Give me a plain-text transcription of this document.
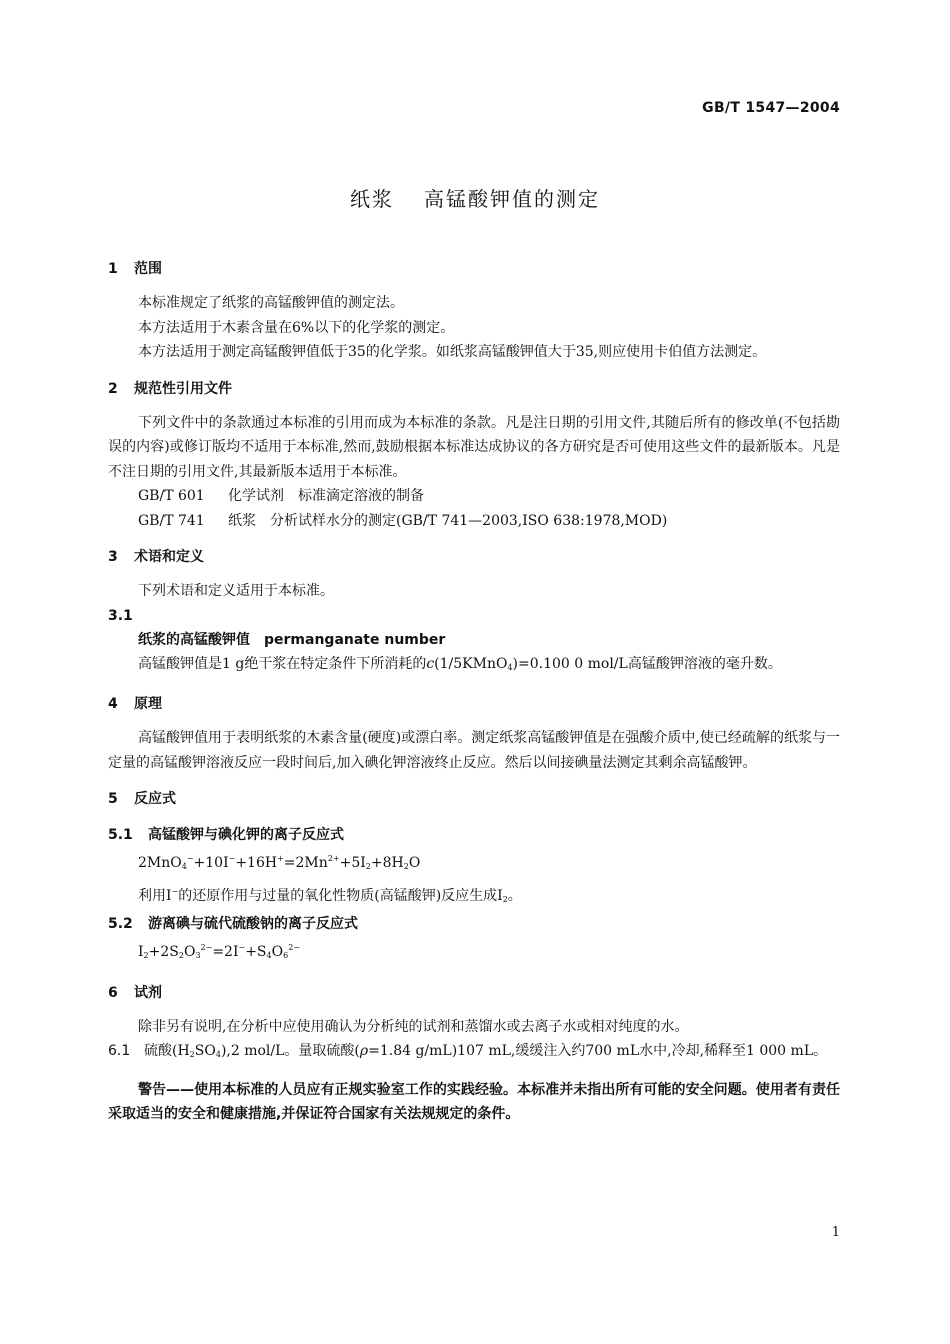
GB/T 1547—2004
纸浆 高锰酸钾值的测定
1 范围

本标准规定了纸浆的高锰酸钾值的测定法。

本方法适用于木素含量在6%以下的化学浆的测定。

本方法适用于测定高锰酸钾值低于35的化学浆。如纸浆高锰酸钾值大于35,则应使用卡伯值方法测定。

2 规范性引用文件

下列文件中的条款通过本标准的引用而成为本标准的条款。凡是注日期的引用文件,其随后所有的修改单(不包括勘误的内容)或修订版均不适用于本标准,然而,鼓励根据本标准达成协议的各方研究是否可使用这些文件的最新版本。凡是不注日期的引用文件,其最新版本适用于本标准。

GB/T 601 化学试剂　标准滴定溶液的制备

GB/T 741 纸浆　分析试样水分的测定(GB/T 741—2003,ISO 638:1978,MOD)

3 术语和定义

下列术语和定义适用于本标准。

3.1

纸浆的高锰酸钾值　permanganate number

高锰酸钾值是1 g绝干浆在特定条件下所消耗的c(1/5KMnO$_4$)=0.100 0 mol/L高锰酸钾溶液的毫升数。

4 原理

高锰酸钾值用于表明纸浆的木素含量(硬度)或漂白率。测定纸浆高锰酸钾值是在强酸介质中,使已经疏解的纸浆与一定量的高锰酸钾溶液反应一段时间后,加入碘化钾溶液终止反应。然后以间接碘量法测定其剩余高锰酸钾。

5 反应式
5.1 高锰酸钾与碘化钾的离子反应式

$2MnO_4^-+10I^-+16H^+=2Mn^{2+}+5I_2+8H_2O$

利用I−的还原作用与过量的氧化性物质(高锰酸钾)反应生成$I_2$。

5.2 游离碘与硫代硫酸钠的离子反应式

$I_2+2S_2O_3^{2-}=2I^-+S_4O_6^{2-}$

6 试剂

除非另有说明,在分析中应使用确认为分析纯的试剂和蒸馏水或去离子水或相对纯度的水。

6.1 硫酸$(H_2SO_4),2$ mol/L。量取硫酸(ρ=1.84 g/mL)107 mL,缓缓注入约700 mL水中,冷却,稀释至1 000 mL。

警告——使用本标准的人员应有正规实验室工作的实践经验。本标准并未指出所有可能的安全问题。使用者有责任采取适当的安全和健康措施,并保证符合国家有关法规规定的条件。

1
